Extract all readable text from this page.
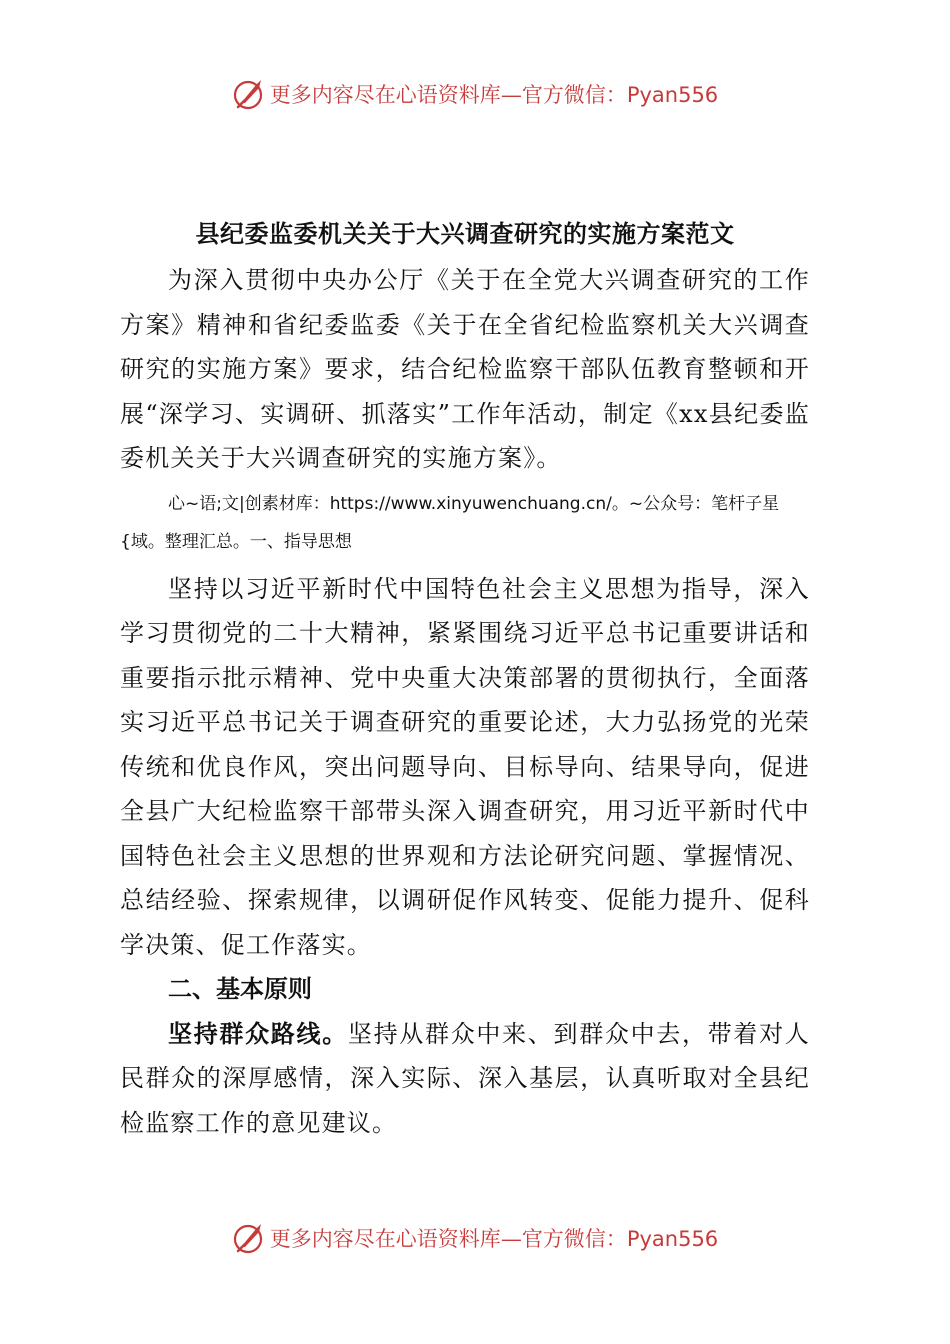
更多内容尽在心语资料库—官方微信：Pyan556

县纪委监委机关关于大兴调查研究的实施方案范文

为深入贯彻中央办公厅《关于在全党大兴调查研究的工作方案》精神和省纪委监委《关于在全省纪检监察机关大兴调查研究的实施方案》要求，结合纪检监察干部队伍教育整顿和开展“深学习、实调研、抓落实”工作年活动，制定《xx县纪委监委机关关于大兴调查研究的实施方案》。

心~语;文|创素材库：https://www.xinyuwenchuang.cn/。~公众号：笔杆子星{域。整理汇总。一、指导思想

坚持以习近平新时代中国特色社会主义思想为指导，深入学习贯彻党的二十大精神，紧紧围绕习近平总书记重要讲话和重要指示批示精神、党中央重大决策部署的贯彻执行，全面落实习近平总书记关于调查研究的重要论述，大力弘扬党的光荣传统和优良作风，突出问题导向、目标导向、结果导向，促进全县广大纪检监察干部带头深入调查研究，用习近平新时代中国特色社会主义思想的世界观和方法论研究问题、掌握情况、总结经验、探索规律，以调研促作风转变、促能力提升、促科学决策、促工作落实。

二、基本原则

坚持群众路线。坚持从群众中来、到群众中去，带着对人民群众的深厚感情，深入实际、深入基层，认真听取对全县纪检监察工作的意见建议。

更多内容尽在心语资料库—官方微信：Pyan556
